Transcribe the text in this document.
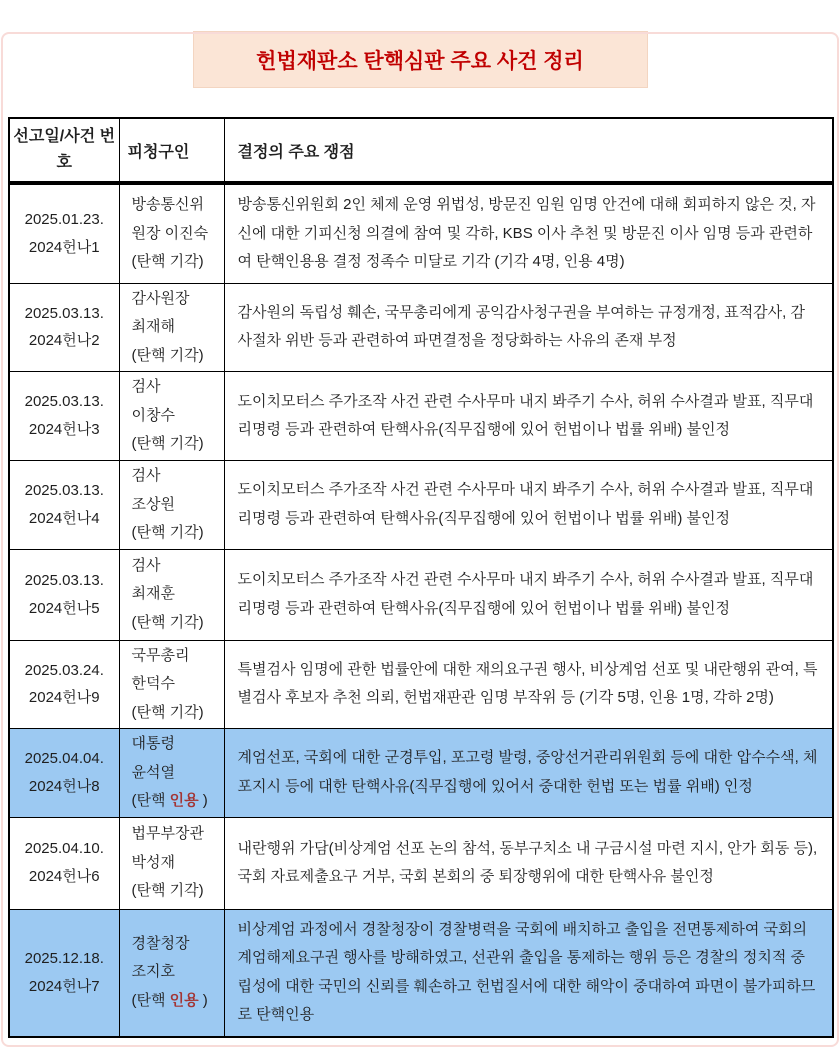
헌법재판소 탄핵심판 주요 사건 정리
선고일/사건 번호	피청구인	결정의 주요 쟁점

2025.01.23.
2024헌나1

방송통신위
원장 이진숙
(탄핵 기각)
	방송통신위원회 2인 체제 운영 위법성, 방문진 임원 임명 안건에 대해 회피하지 않은 것, 자신에 대한 기피신청 의결에 참여 및 각하, KBS 이사 추천 및 방문진 이사 임명 등과 관련하여 탄핵인용용 결정 정족수 미달로 기각 (기각 4명, 인용 4명)

2025.03.13.
2024헌나2

감사원장
최재해
(탄핵 기각)
	감사원의 독립성 훼손, 국무총리에게 공익감사청구권을 부여하는 규정개정, 표적감사, 감사절차 위반 등과 관련하여 파면결정을 정당화하는 사유의 존재 부정

2025.03.13.
2024헌나3

검사
이창수
(탄핵 기각)
	도이치모터스 주가조작 사건 관련 수사무마 내지 봐주기 수사, 허위 수사결과 발표, 직무대리명령 등과 관련하여 탄핵사유(직무집행에 있어 헌법이나 법률 위배) 불인정

2025.03.13.
2024헌나4

검사
조상원
(탄핵 기각)
	도이치모터스 주가조작 사건 관련 수사무마 내지 봐주기 수사, 허위 수사결과 발표, 직무대리명령 등과 관련하여 탄핵사유(직무집행에 있어 헌법이나 법률 위배) 불인정

2025.03.13.
2024헌나5

검사
최재훈
(탄핵 기각)
	도이치모터스 주가조작 사건 관련 수사무마 내지 봐주기 수사, 허위 수사결과 발표, 직무대리명령 등과 관련하여 탄핵사유(직무집행에 있어 헌법이나 법률 위배) 불인정

2025.03.24.
2024헌나9

국무총리
한덕수
(탄핵 기각)
	특별검사 임명에 관한 법률안에 대한 재의요구권 행사, 비상계엄 선포 및 내란행위 관여, 특별검사 후보자 추천 의뢰, 헌법재판관 임명 부작위 등 (기각 5명, 인용 1명, 각하 2명)

2025.04.04.
2024헌나8

대통령
윤석열
(탄핵 인용 )
	계엄선포, 국회에 대한 군경투입, 포고령 발령, 중앙선거관리위원회 등에 대한 압수수색, 체포지시 등에 대한 탄핵사유(직무집행에 있어서 중대한 헌법 또는 법률 위배) 인정

2025.04.10.
2024헌나6

법무부장관
박성재
(탄핵 기각)
	내란행위 가담(비상계엄 선포 논의 참석, 동부구치소 내 구금시설 마련 지시, 안가 회동 등), 국회 자료제출요구 거부, 국회 본회의 중 퇴장행위에 대한 탄핵사유 불인정

2025.12.18.
2024헌나7

경찰청장
조지호
(탄핵 인용 )
	비상계엄 과정에서 경찰청장이 경찰병력을 국회에 배치하고 출입을 전면통제하여 국회의 계엄해제요구권 행사를 방해하였고, 선관위 출입을 통제하는 행위 등은 경찰의 정치적 중립성에 대한 국민의 신뢰를 훼손하고 헌법질서에 대한 해악이 중대하여 파면이 불가피하므로 탄핵인용
